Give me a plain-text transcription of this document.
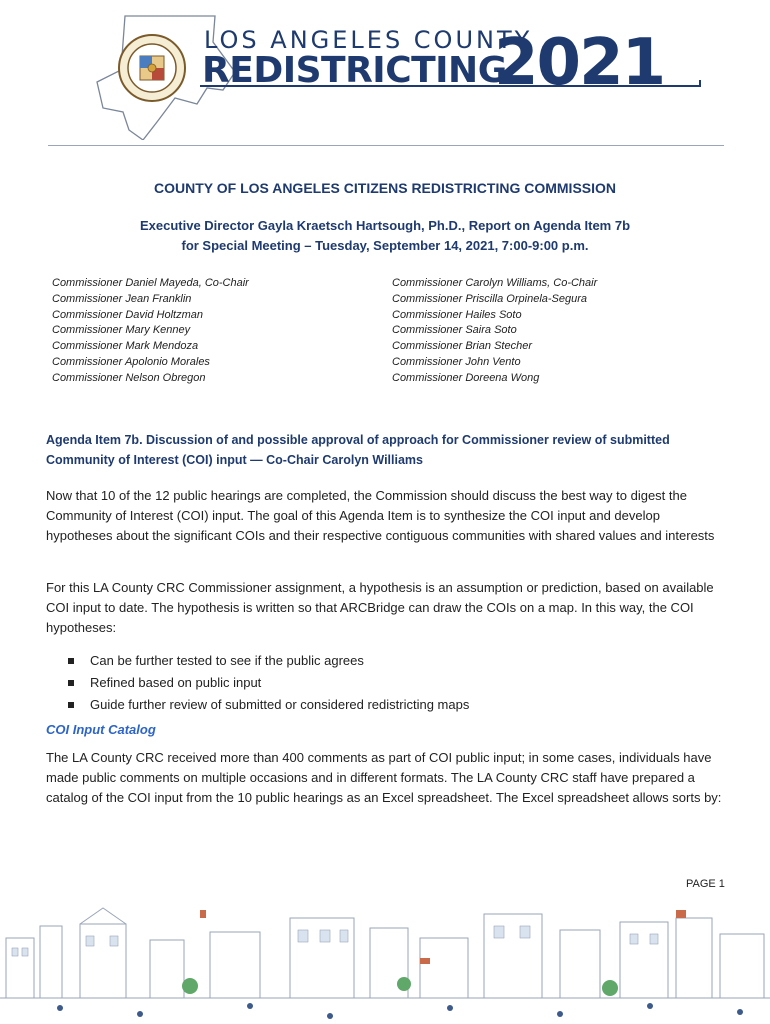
LOS ANGELES COUNTY
REDISTRICTING
2021
COUNTY OF LOS ANGELES CITIZENS REDISTRICTING COMMISSION
Executive Director Gayla Kraetsch Hartsough, Ph.D., Report on Agenda Item 7b
for Special Meeting – Tuesday, September 14, 2021, 7:00-9:00 p.m.
Commissioner Daniel Mayeda, Co-Chair
Commissioner Jean Franklin
Commissioner David Holtzman
Commissioner Mary Kenney
Commissioner Mark Mendoza
Commissioner Apolonio Morales
Commissioner Nelson Obregon
Commissioner Carolyn Williams, Co-Chair
Commissioner Priscilla Orpinela-Segura
Commissioner Hailes Soto
Commissioner Saira Soto
Commissioner Brian Stecher
Commissioner John Vento
Commissioner Doreena Wong
Agenda Item 7b. Discussion of and possible approval of approach for Commissioner review of submitted Community of Interest (COI) input — Co-Chair Carolyn Williams
Now that 10 of the 12 public hearings are completed, the Commission should discuss the best way to digest the Community of Interest (COI) input. The goal of this Agenda Item is to synthesize the COI input and develop hypotheses about the significant COIs and their respective contiguous communities with shared values and interests
For this LA County CRC Commissioner assignment, a hypothesis is an assumption or prediction, based on available COI input to date. The hypothesis is written so that ARCBridge can draw the COIs on a map. In this way, the COI hypotheses:
Can be further tested to see if the public agrees
Refined based on public input
Guide further review of submitted or considered redistricting maps
COI Input Catalog
The LA County CRC received more than 400 comments as part of COI public input; in some cases, individuals have made public comments on multiple occasions and in different formats. The LA County CRC staff have prepared a catalog of the COI input from the 10 public hearings as an Excel spreadsheet. The Excel spreadsheet allows sorts by:
PAGE 1
